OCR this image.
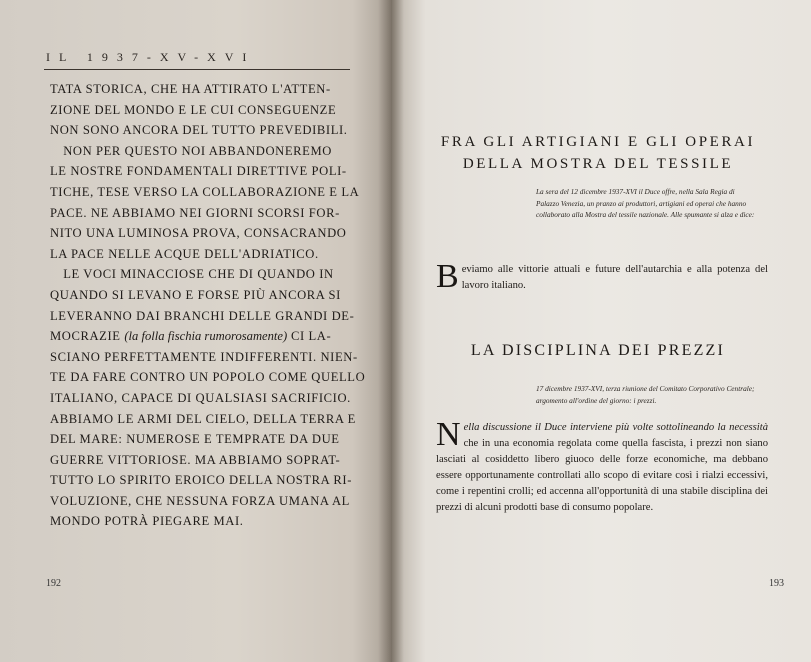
IL 1937-XV-XVI
TATA STORICA, CHE HA ATTIRATO L'ATTEN-
ZIONE DEL MONDO E LE CUI CONSEGUENZE
NON SONO ANCORA DEL TUTTO PREVEDIBILI.
 NON PER QUESTO NOI ABBANDONEREMO
LE NOSTRE FONDAMENTALI DIRETTIVE POLI-
TICHE, TESE VERSO LA COLLABORAZIONE E LA
PACE. NE ABBIAMO NEI GIORNI SCORSI FOR-
NITO UNA LUMINOSA PROVA, CONSACRANDO
LA PACE NELLE ACQUE DELL'ADRIATICO.
 LE VOCI MINACCIOSE CHE DI QUANDO IN
QUANDO SI LEVANO E FORSE PIÙ ANCORA SI
LEVERANNO DAI BRANCHI DELLE GRANDI DE-
MOCRAZIE (la folla fischia rumorosamente) CI LA-
SCIANO PERFETTAMENTE INDIFFERENTI. NIEN-
TE DA FARE CONTRO UN POPOLO COME QUELLO
ITALIANO, CAPACE DI QUALSIASI SACRIFICIO.
ABBIAMO LE ARMI DEL CIELO, DELLA TERRA E
DEL MARE: NUMEROSE E TEMPRATE DA DUE
GUERRE VITTORIOSE. MA ABBIAMO SOPRAT-
TUTTO LO SPIRITO EROICO DELLA NOSTRA RI-
VOLUZIONE, CHE NESSUNA FORZA UMANA AL
MONDO POTRÀ PIEGARE MAI.
192
FRA GLI ARTIGIANI E GLI OPERAI
DELLA MOSTRA DEL TESSILE
La sera del 12 dicembre 1937-XVI il Duce offre, nella Sala Regia di Palazzo Venezia, un pranzo ai produttori, artigiani ed operai che hanno collaborato alla Mostra del tessile nazionale. Alle spumante si alza e dice:
Beviamo alle vittorie attuali e future dell'autarchia e alla potenza del lavoro italiano.
LA DISCIPLINA DEI PREZZI
17 dicembre 1937-XVI, terza riunione del Comitato Corporativo Centrale; argomento all'ordine del giorno: i prezzi.
Nella discussione il Duce interviene più volte sottolineando la necessità che in una economia regolata come quella fascista, i prezzi non siano lasciati al cosiddetto libero giuoco delle forze economiche, ma debbano essere opportunamente controllati allo scopo di evitare così i rialzi eccessivi, come i repentini crolli; ed accenna all'opportunità di una stabile disciplina dei prezzi di alcuni prodotti base di consumo popolare.
193
